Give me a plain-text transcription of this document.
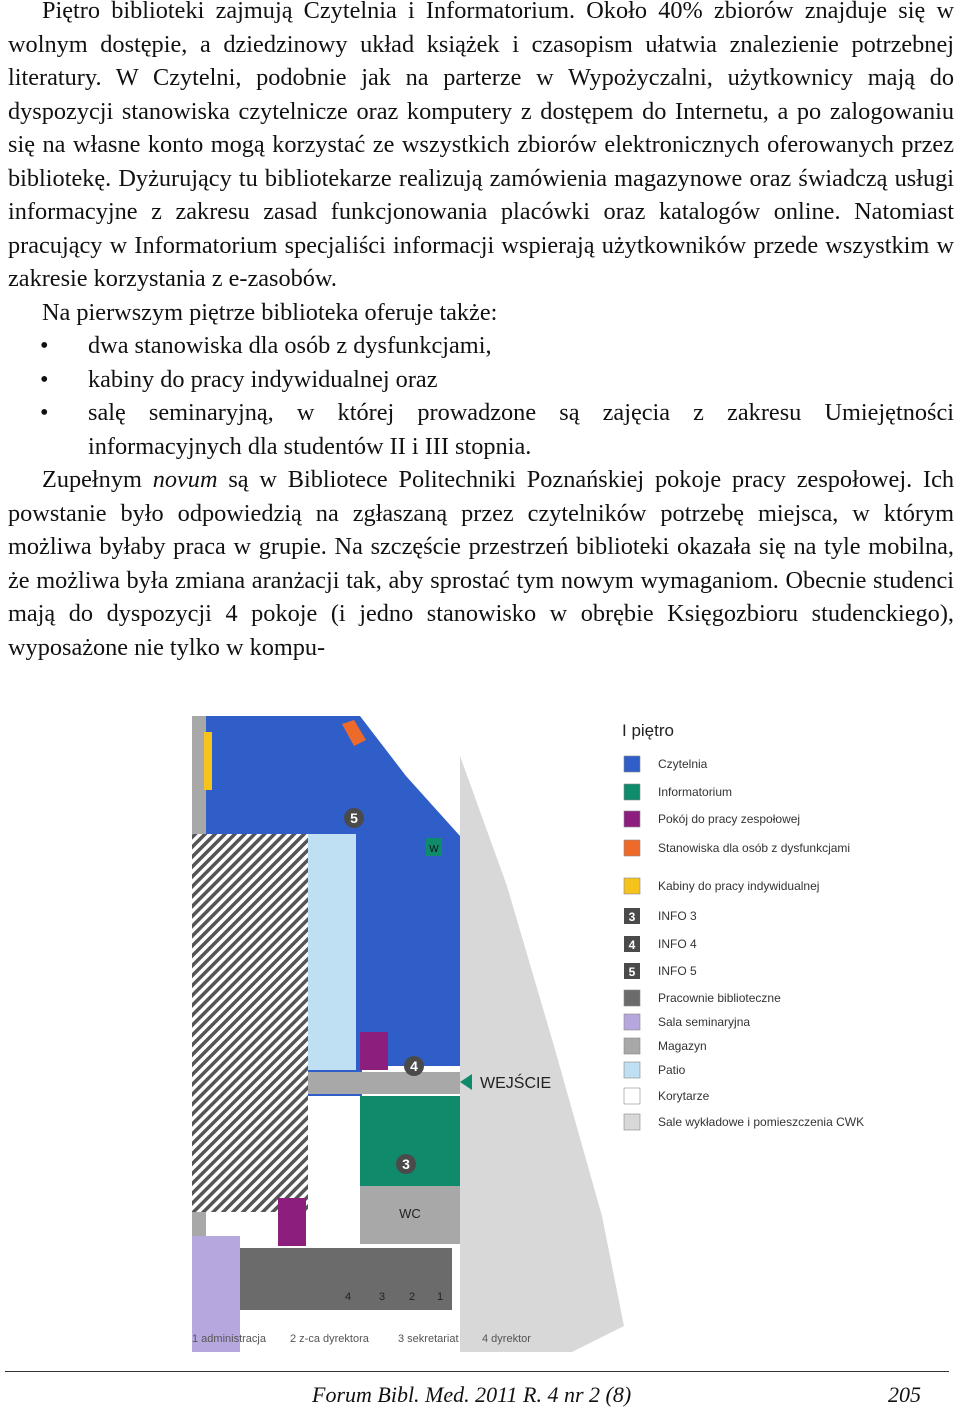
Piętro biblioteki zajmują Czytelnia i Informatorium. Około 40% zbiorów znajduje się w wolnym dostępie, a dziedzinowy układ książek i czasopism ułatwia znalezienie potrzebnej literatury. W Czytelni, podobnie jak na parterze w Wypożyczalni, użytkownicy mają do dyspozycji stanowiska czytelnicze oraz komputery z dostępem do Internetu, a po zalogowaniu się na własne konto mogą korzystać ze wszystkich zbiorów elektronicznych oferowanych przez bibliotekę. Dyżurujący tu bibliotekarze realizują zamówienia magazynowe oraz świadczą usługi informacyjne z zakresu zasad funkcjonowania placówki oraz katalogów online. Natomiast pracujący w Informatorium specjaliści informacji wspierają użytkowników przede wszystkim w zakresie korzystania z e-zasobów.

Na pierwszym piętrze biblioteka oferuje także:

• dwa stanowiska dla osób z dysfunkcjami,
• kabiny do pracy indywidualnej oraz
• salę seminaryjną, w której prowadzone są zajęcia z zakresu Umiejętności informacyjnych dla studentów II i III stopnia.

Zupełnym novum są w Bibliotece Politechniki Poznańskiej pokoje pracy zespołowej. Ich powstanie było odpowiedzią na zgłaszaną przez czytelników potrzebę miejsca, w którym możliwa byłaby praca w grupie. Na szczęście przestrzeń biblioteki okazała się na tyle mobilna, że możliwa była zmiana aranżacji tak, aby sprostać tym nowym wymaganiom. Obecnie studenci mają do dyspozycji 4 pokoje (i jedno stanowisko w obrębie Księgozbioru studenckiego), wyposażone nie tylko w kompu-

5
4
3
WEJŚCIE
WC
W
4	3 2 1
1 administracja 2 z-ca dyrektora	3 sekretariat 4 dyrektor
I piętro
Czytelnia
Informatorium
Pokój do pracy zespołowej
Stanowiska dla osób z dysfunkcjami
Kabiny do pracy indywidualnej
3 INFO 3
4 INFO 4
5 INFO 5
Pracownie biblioteczne
Sala seminaryjna
Magazyn
Patio
Korytarze
Sale wykładowe i pomieszczenia CWK
Forum Bibl. Med. 2011 R. 4 nr 2 (8)	205
